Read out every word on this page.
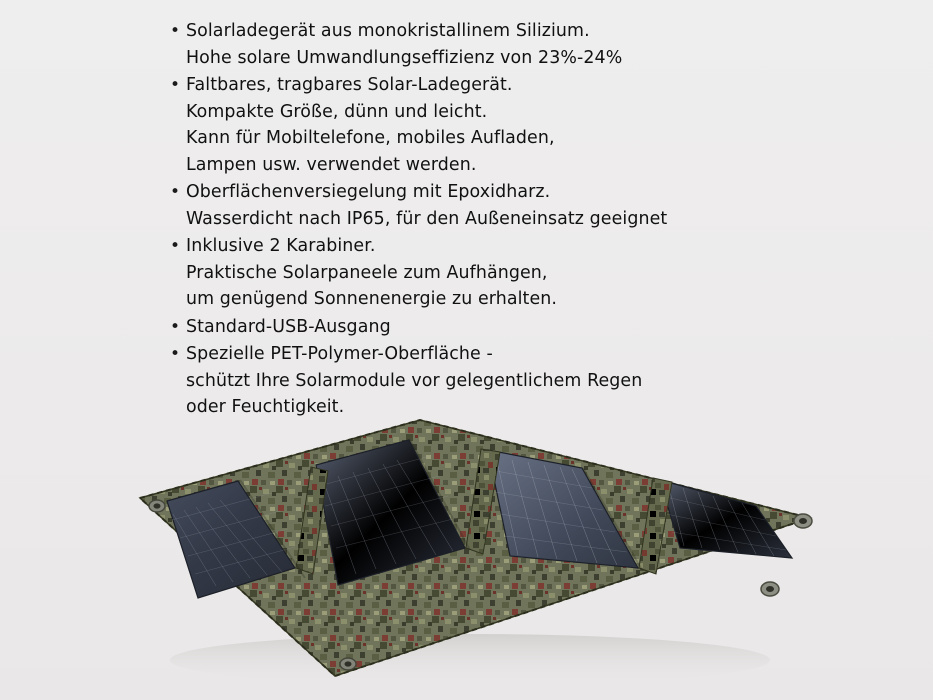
• Solarladegerät aus monokristallinem Silizium.
Hohe solare Umwandlungseffizienz von 23%-24%
• Faltbares, tragbares Solar-Ladegerät.
Kompakte Größe, dünn und leicht.
Kann für Mobiltelefone, mobiles Aufladen,
Lampen usw. verwendet werden.
• Oberflächenversiegelung mit Epoxidharz.
Wasserdicht nach IP65, für den Außeneinsatz geeignet
• Inklusive 2 Karabiner.
Praktische Solarpaneele zum Aufhängen,
um genügend Sonnenenergie zu erhalten.
• Standard-USB-Ausgang
• Spezielle PET-Polymer-Oberfläche -
schützt Ihre Solarmodule vor gelegentlichem Regen
oder Feuchtigkeit.
